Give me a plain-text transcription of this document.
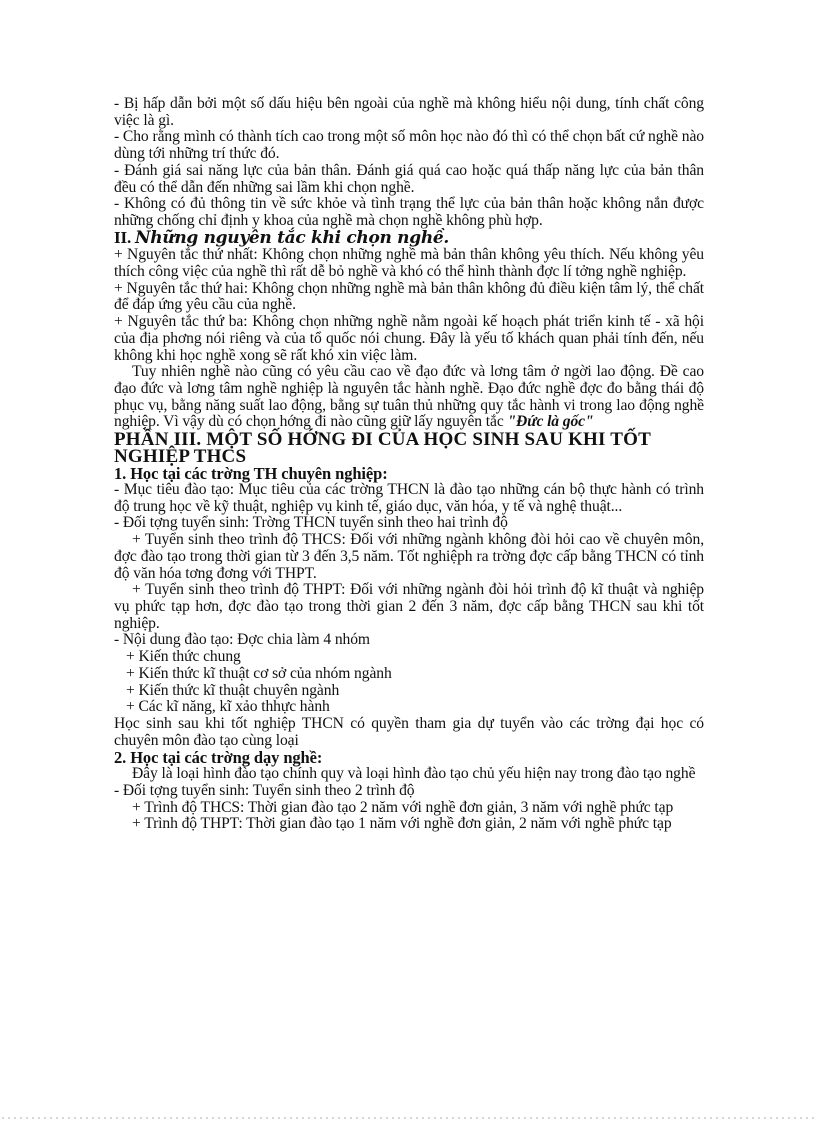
- Bị hấp dẫn bởi một số dấu hiệu bên ngoài của nghề mà không hiểu nội dung, tính chất công việc là gì.

- Cho rằng mình có thành tích cao trong một số môn học nào đó thì có thể chọn bất cứ nghề nào dùng tới những trí thức đó.

- Đánh giá sai năng lực của bản thân. Đánh giá quá cao hoặc quá thấp năng lực của bản thân đều có thể dẫn đến những sai lầm khi chọn nghề.

- Không có đủ thông tin về sức khỏe và tình trạng thể lực của bản thân hoặc không nắn được những chống chỉ định y khoa của nghề mà chọn nghề không phù hợp.

II. Những nguyên tắc khi chọn nghề.

+ Nguyên tắc thứ nhất: Không chọn những nghề mà bản thân không yêu thích. Nếu không yêu thích công việc của nghề thì rất dễ bỏ nghề và khó có thể hình thành đợc lí tởng nghề nghiệp.

+ Nguyên tắc thứ hai: Không chọn những nghề mà bản thân không đủ điều kiện tâm lý, thể chất để đáp ứng yêu cầu của nghề.

+ Nguyên tắc thứ ba: Không chọn những nghề nằm ngoài kế hoạch phát triển kinh tế - xã hội của địa phơng nói riêng và của tổ quốc nói chung. Đây là yếu tố khách quan phải tính đến, nếu không khi học nghề xong sẽ rất khó xin việc làm.

Tuy nhiên nghề nào cũng có yêu cầu cao về đạo đức và lơng tâm ở ngời lao động. Đề cao đạo đức và lơng tâm nghề nghiệp là nguyên tắc hành nghề. Đạo đức nghề đợc đo bằng thái độ phục vụ, bằng năng suất lao động, bằng sự tuân thủ những quy tắc hành vi trong lao động nghề nghiệp. Vì vậy dù có chọn hớng đi nào cũng giữ lấy nguyên tắc "Đức là gốc"

PHẦN III. MỘT SỐ HỚNG ĐI CỦA HỌC SINH SAU KHI TỐT NGHIỆP THCS

1. Học tại các trờng TH chuyên nghiệp:

- Mục tiêu đào tạo: Mục tiêu của các trờng THCN là đào tạo những cán bộ thực hành có trình độ trung học về kỹ thuật, nghiệp vụ kinh tế, giáo dục, văn hóa, y tế và nghệ thuật...

- Đối tợng tuyển sinh: Trờng THCN tuyển sinh theo hai trình độ

+ Tuyển sinh theo trình độ THCS: Đối với những ngành không đòi hỏi cao về chuyên môn, đợc đào tạo trong thời gian từ 3 đến 3,5 năm. Tốt nghiệph ra trờng đợc cấp bằng THCN có tỉnh độ văn hóa tơng đơng với THPT.

+ Tuyển sinh theo trình độ THPT: Đối với những ngành đòi hỏi trình độ kĩ thuật và nghiệp vụ phức tạp hơn, đợc đào tạo trong thời gian 2 đến 3 năm, đợc cấp bằng THCN sau khi tốt nghiệp.

- Nội dung đào tạo: Đợc chia làm 4 nhóm

+ Kiến thức chung

+ Kiến thức kĩ thuật cơ sở của nhóm ngành

+ Kiến thức kĩ thuật chuyên ngành

+ Các kĩ năng, kĩ xảo thhực hành

Học sinh sau khi tốt nghiệp THCN có quyền tham gia dự tuyển vào các trờng đại học có chuyên môn đào tạo cùng loại

2. Học tại các trờng dạy nghề:

Đây là loại hình đào tạo chính quy và loại hình đào tạo chủ yếu hiện nay trong đào tạo nghề

- Đối tợng tuyển sinh: Tuyển sinh theo 2 trình độ

+ Trình độ THCS: Thời gian đào tạo 2 năm với nghề đơn giản, 3 năm với nghề phức tạp

+ Trình độ THPT: Thời gian đào tạo 1 năm với nghề đơn giản, 2 năm với nghề phức tạp
